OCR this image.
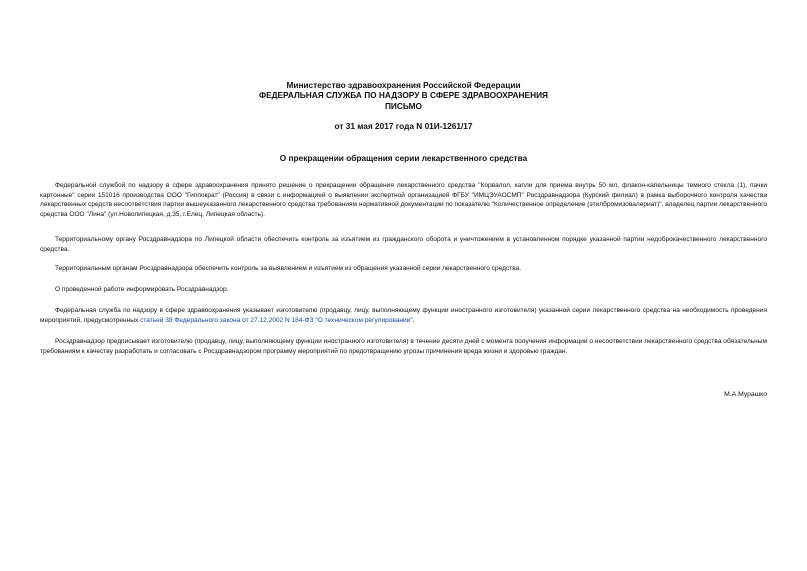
Министерство здравоохранения Российской Федерации
ФЕДЕРАЛЬНАЯ СЛУЖБА ПО НАДЗОРУ В СФЕРЕ ЗДРАВООХРАНЕНИЯ
ПИСЬМО
от 31 мая 2017 года N 01И-1261/17
О прекращении обращения серии лекарственного средства

Федеральной службой по надзору в сфере здравоохранения принято решение о прекращении обращения лекарственного средства "Корвалол, капли для приема внутрь 50 мл, флакон-капельницы темного стекла (1), пачки картонные" серии 151016 производства ООО "Гиппократ" (Россия) в связи с информацией о выявлении экспертной организацией ФГБУ "ИМЦЭУАОСМП" Росздравнадзора (Курский филиал) в рамка выборочного контроля качества лекарственных средств несоответствия партии вышеуказанного лекарственного средства требованиям нормативной документации по показателю "Количественное определение (этилбромизовалериат)", владелец партии лекарственного средства ООО "Лина" (ул.Новолипецкая, д.35, г.Елец, Липецкая область).

Территориальному органу Росздравнадзора по Липецкой области обеспечить контроль за изъятием из гражданского оборота и уничтожением в установленном порядке указанной партии недоброкачественного лекарственного средства.

Территориальным органам Росздравнадзора обеспечить контроль за выявлением и изъятием из обращения указанной серии лекарственного средства.

О проведенной работе информировать Росздравнадзор.

Федеральная служба по надзору в сфере здравоохранения указывает изготовителю (продавцу, лицу, выполняющему функции иностранного изготовителя) указанной серии лекарственного средства на необходимость проведения мероприятий, предусмотренных статьей 38 Федерального закона от 27.12.2002 N 184-ФЗ "О техническом регулировании".

Росздравнадзор предписывает изготовителю (продавцу, лицу, выполняющему функции иностранного изготовителя) в течение десяти дней с момента получения информации о несоответствии лекарственного средства обязательным требованиям к качеству разработать и согласовать с Росздравнадзором программу мероприятий по предотвращению угрозы причинения вреда жизни и здоровью граждан.

М.А.Мурашко
